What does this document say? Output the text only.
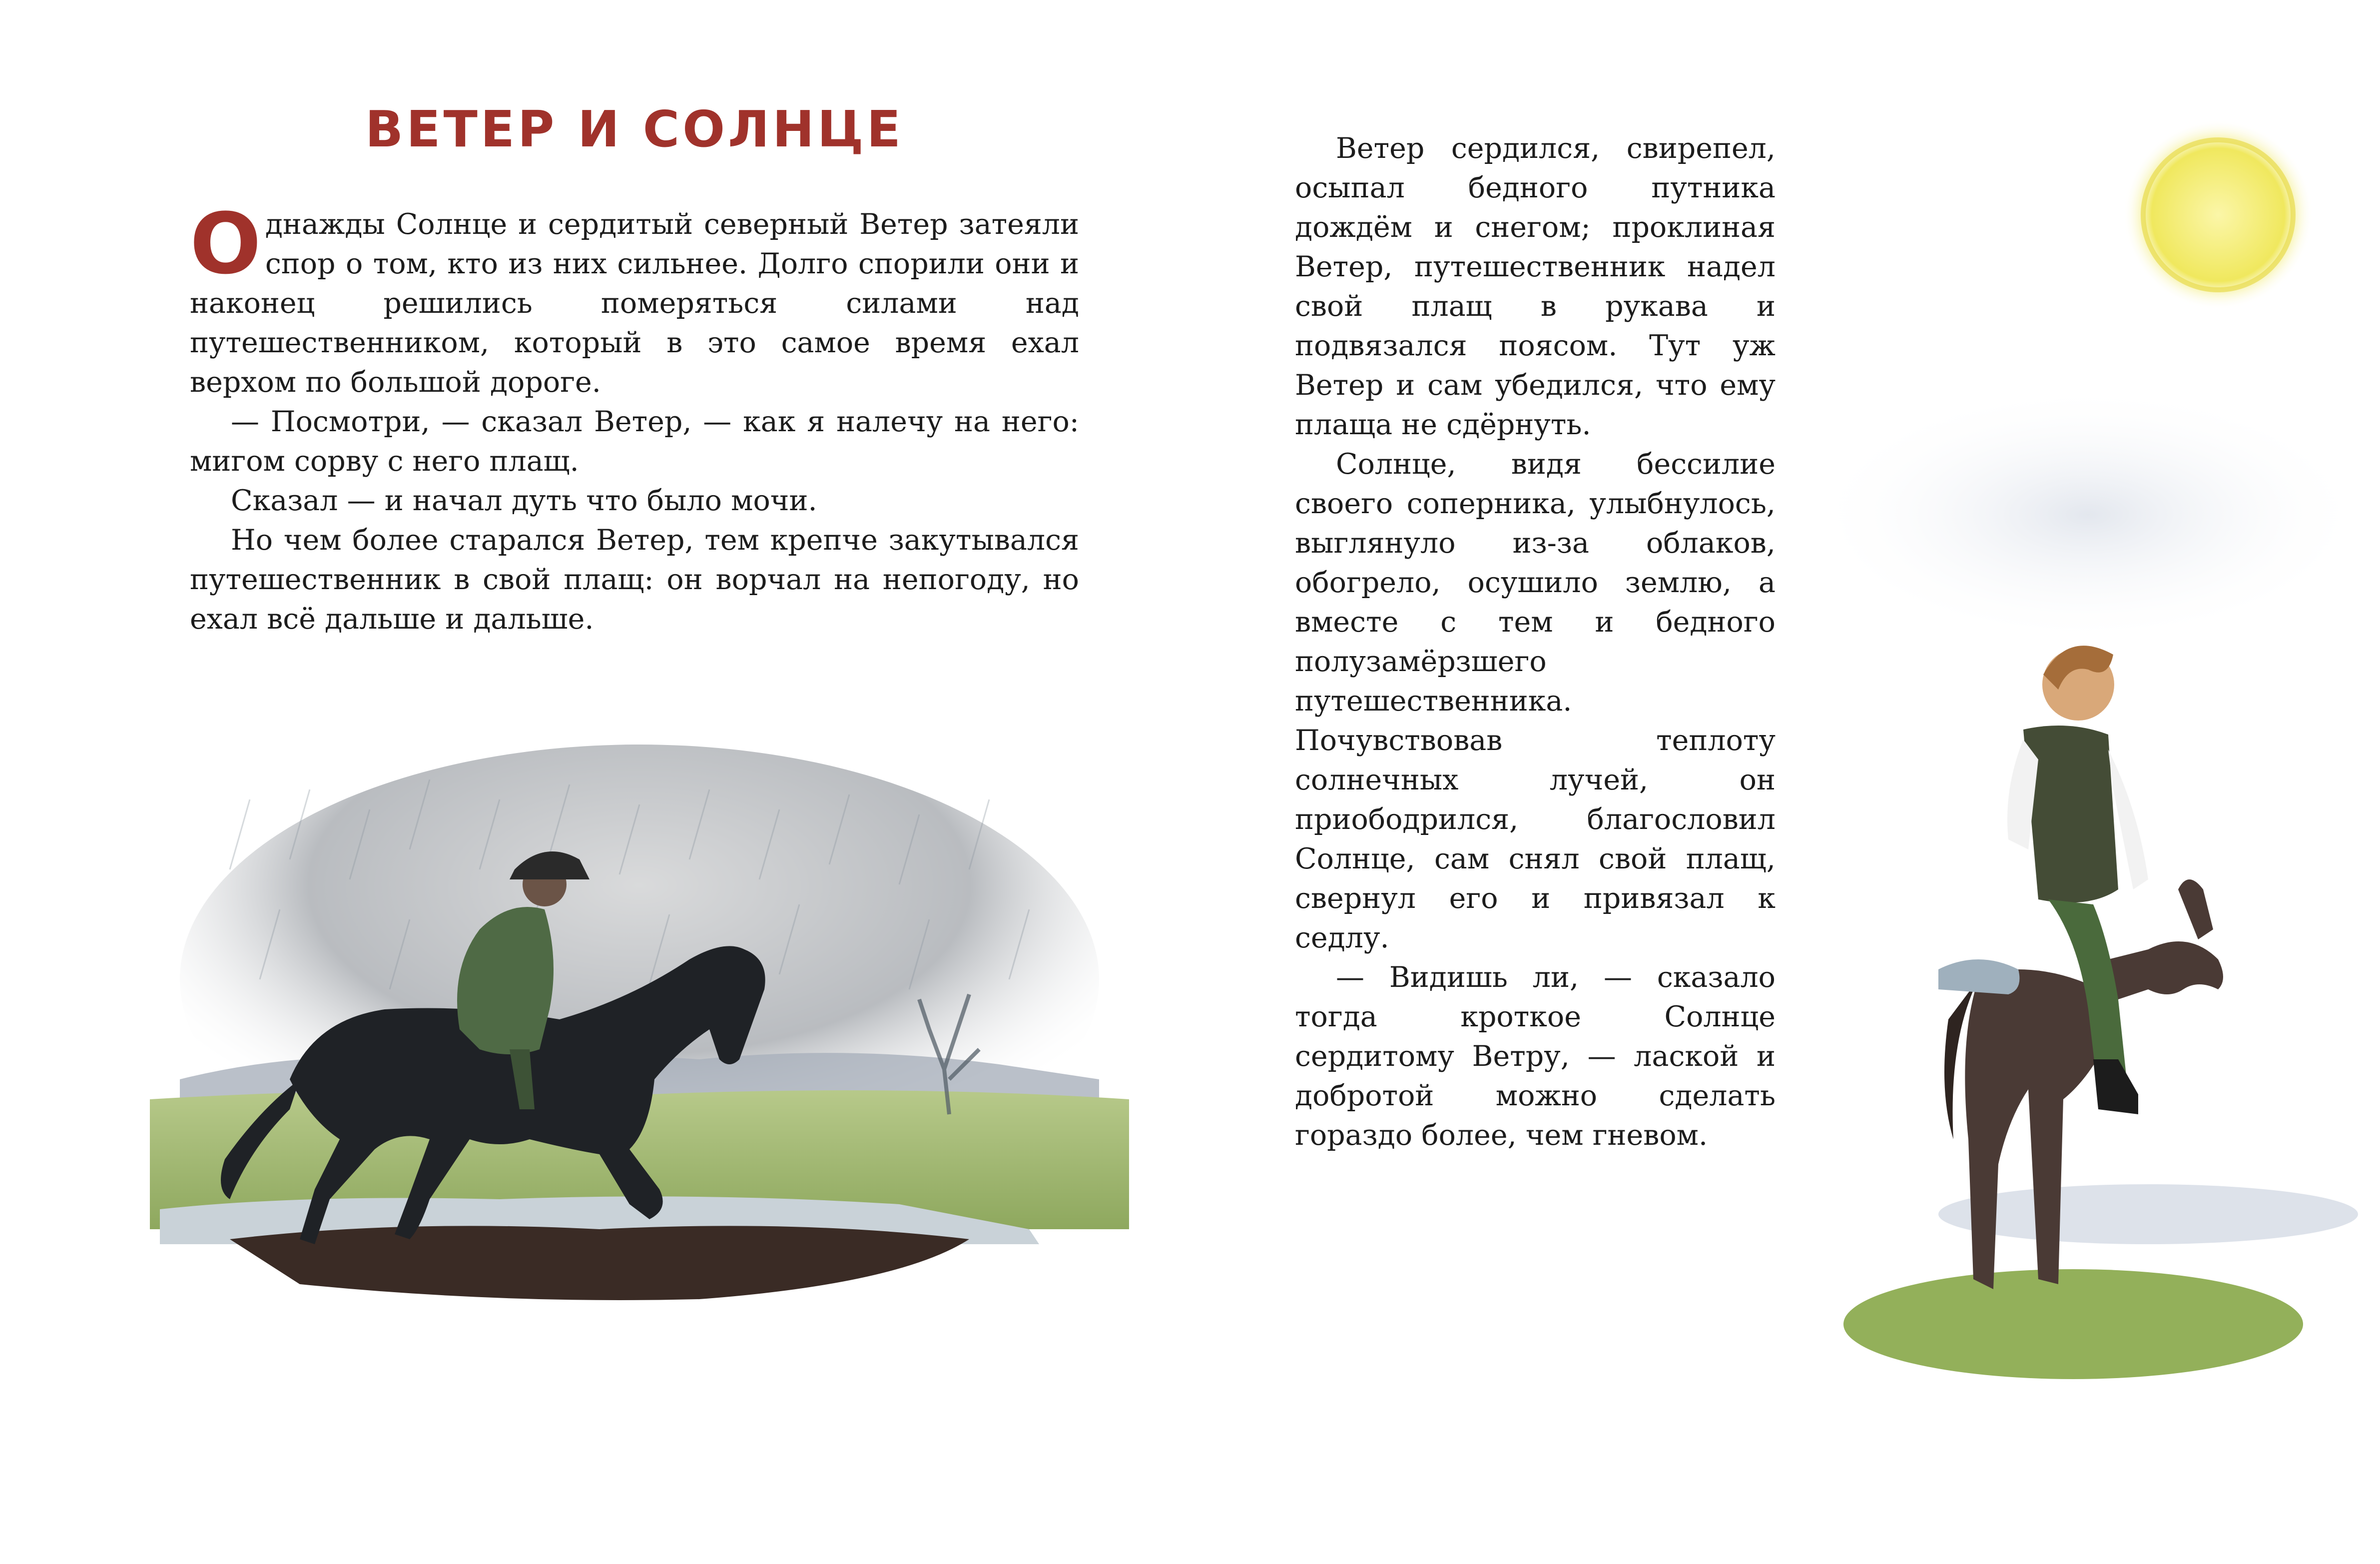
ВЕТЕР И СОЛНЦЕ

Однажды Солнце и сердитый северный Ветер затеяли спор о том, кто из них сильнее. Долго спорили они и наконец решились померяться силами над путешественником, который в это самое время ехал верхом по большой дороге.

— Посмотри, — сказал Ветер, — как я налечу на него: мигом сорву с него плащ.

Сказал — и начал дуть что было мочи.

Но чем более старался Ветер, тем крепче закутывался путешественник в свой плащ: он ворчал на непогоду, но ехал всё дальше и дальше.

Ветер сердился, свирепел, осыпал бедного путника дождём и снегом; проклиная Ветер, путешественник надел свой плащ в рукава и подвязался поясом. Тут уж Ветер и сам убедился, что ему плаща не сдёрнуть.

Солнце, видя бессилие своего соперника, улыбнулось, выглянуло из-за облаков, обогрело, осушило землю, а вместе с тем и бедного полузамёрзшего путешественника. Почувствовав теплоту солнечных лучей, он приободрился, благословил Солнце, сам снял свой плащ, свернул его и привязал к седлу.

— Видишь ли, — сказало тогда кроткое Солнце сердитому Ветру, — лаской и добротой можно сделать гораздо более, чем гневом.
